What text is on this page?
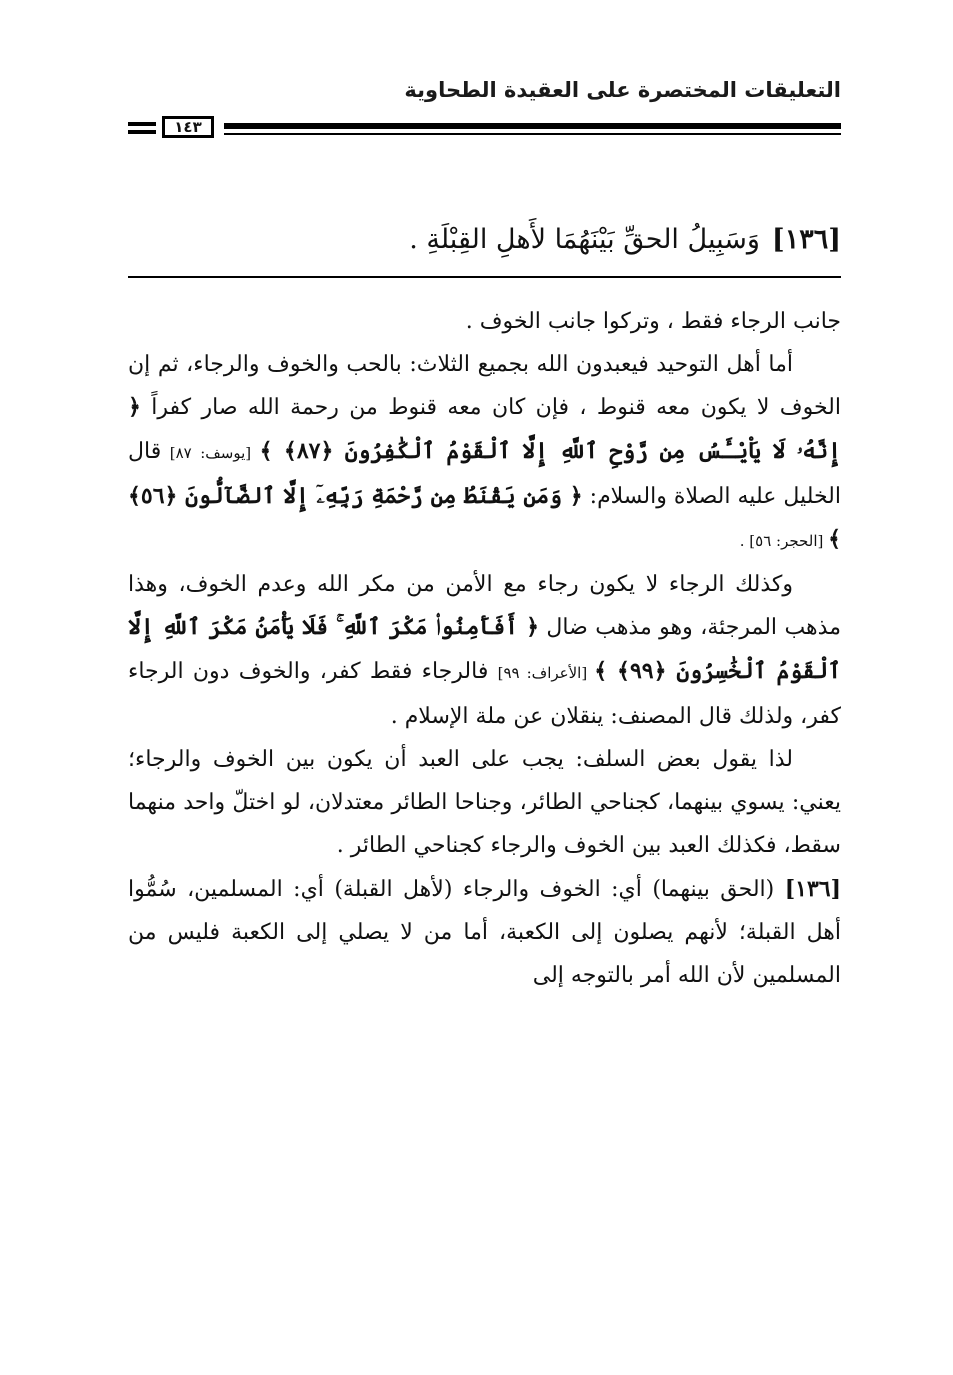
التعليقات المختصرة على العقيدة الطحاوية
١٤٣
[١٣٦]وَسَبِيلُ الحقِّ بَيْنَهُمَا لأَهلِ القِبْلَةِ .

جانب الرجاء فقط ، وتركوا جانب الخوف .

أما أهل التوحيد فيعبدون الله بجميع الثلاث: بالحب والخوف والرجاء، ثم إن الخوف لا يكون معه قنوط ، فإن كان معه قنوط من رحمة الله صار كفراً ﴿ إِنَّهُۥ لَا يَاْيْـَٔسُ مِن رَّوْحِ ٱللَّهِ إِلَّا ٱلْقَوْمُ ٱلْكَٰفِرُونَ ﴿٨٧﴾ ﴾ [يوسف: ٨٧] قال الخليل عليه الصلاة والسلام: ﴿ وَمَن يَقْنَطُ مِن رَّحْمَةِ رَبِّهِۦٓ إِلَّا ٱلضَّآلُّونَ ﴿٥٦﴾ ﴾ [الحجر: ٥٦] .

وكذلك الرجاء لا يكون رجاء مع الأمن من مكر الله وعدم الخوف، وهذا مذهب المرجئة، وهو مذهب ضال ﴿ أَفَأَمِنُوا۟ مَكْرَ ٱللَّهِ ۚ فَلَا يَأْمَنُ مَكْرَ ٱللَّهِ إِلَّا ٱلْقَوْمُ ٱلْخَٰسِرُونَ ﴿٩٩﴾ ﴾ [الأعراف: ٩٩] فالرجاء فقط كفر، والخوف دون الرجاء كفر، ولذلك قال المصنف: ينقلان عن ملة الإسلام .

لذا يقول بعض السلف: يجب على العبد أن يكون بين الخوف والرجاء؛ يعني: يسوي بينهما، كجناحي الطائر، وجناحا الطائر معتدلان، لو اختلّ واحد منهما سقط، فكذلك العبد بين الخوف والرجاء كجناحي الطائر .

[١٣٦] (الحق بينهما) أي: الخوف والرجاء (لأهل القبلة) أي: المسلمين، سُمُّوا أهل القبلة؛ لأنهم يصلون إلى الكعبة، أما من لا يصلي إلى الكعبة فليس من المسلمين لأن الله أمر بالتوجه إلى
